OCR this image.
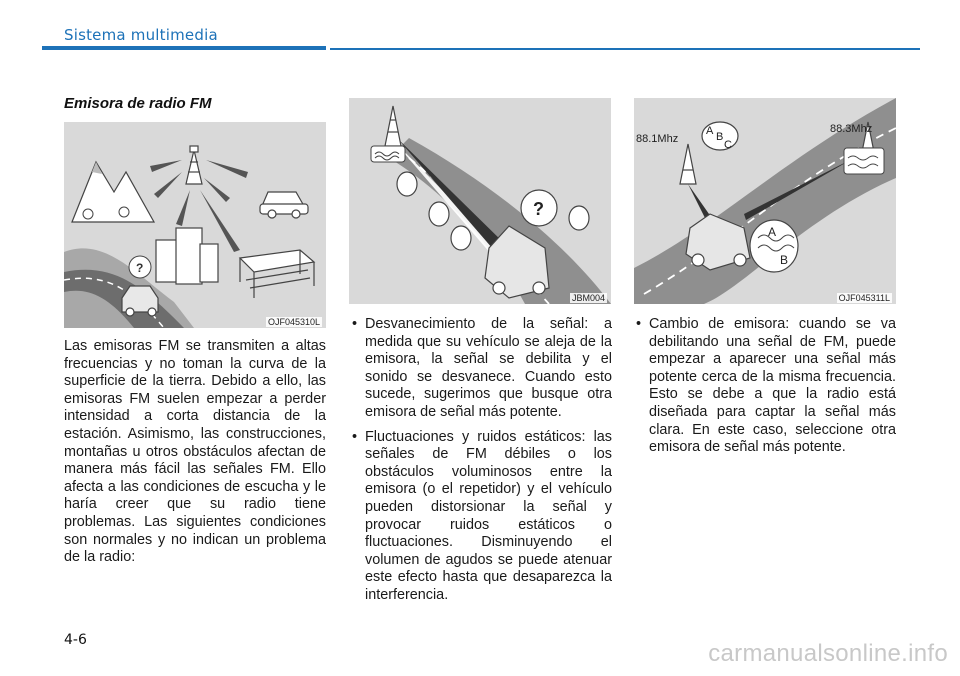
Sistema multimedia
Emisora de radio FM
?
OJF045310L
?
JBM004
88.1Mhz
88.3Mhz
A B
C
A
B
OJF045311L

Las emisoras FM se transmiten a altas frecuencias y no toman la curva de la superficie de la tierra. Debido a ello, las emisoras FM suelen empezar a perder intensidad a corta distancia de la estación. Asimismo, las construcciones, montañas u otros obstáculos afectan de manera más fácil las señales FM. Ello afecta a las condiciones de escucha y le haría creer que su radio tiene problemas. Las siguientes condiciones son normales y no indican un problema de la radio:

• Desvanecimiento de la señal: a medida que su vehículo se aleja de la emisora, la señal se debilita y el sonido se desvanece. Cuando esto sucede, sugerimos que busque otra emisora de señal más potente.
• Fluctuaciones y ruidos estáticos: las señales de FM débiles o los obstáculos voluminosos entre la emisora (o el repetidor) y el vehículo pueden distorsionar la señal y provocar ruidos estáticos o fluctuaciones. Disminuyendo el volumen de agudos se puede atenuar este efecto hasta que desaparezca la interferencia.
• Cambio de emisora: cuando se va debilitando una señal de FM, puede empezar a aparecer una señal más potente cerca de la misma frecuencia. Esto se debe a que la radio está diseñada para captar la señal más clara. En este caso, seleccione otra emisora de señal más potente.
4-6	carmanualsonline.info
